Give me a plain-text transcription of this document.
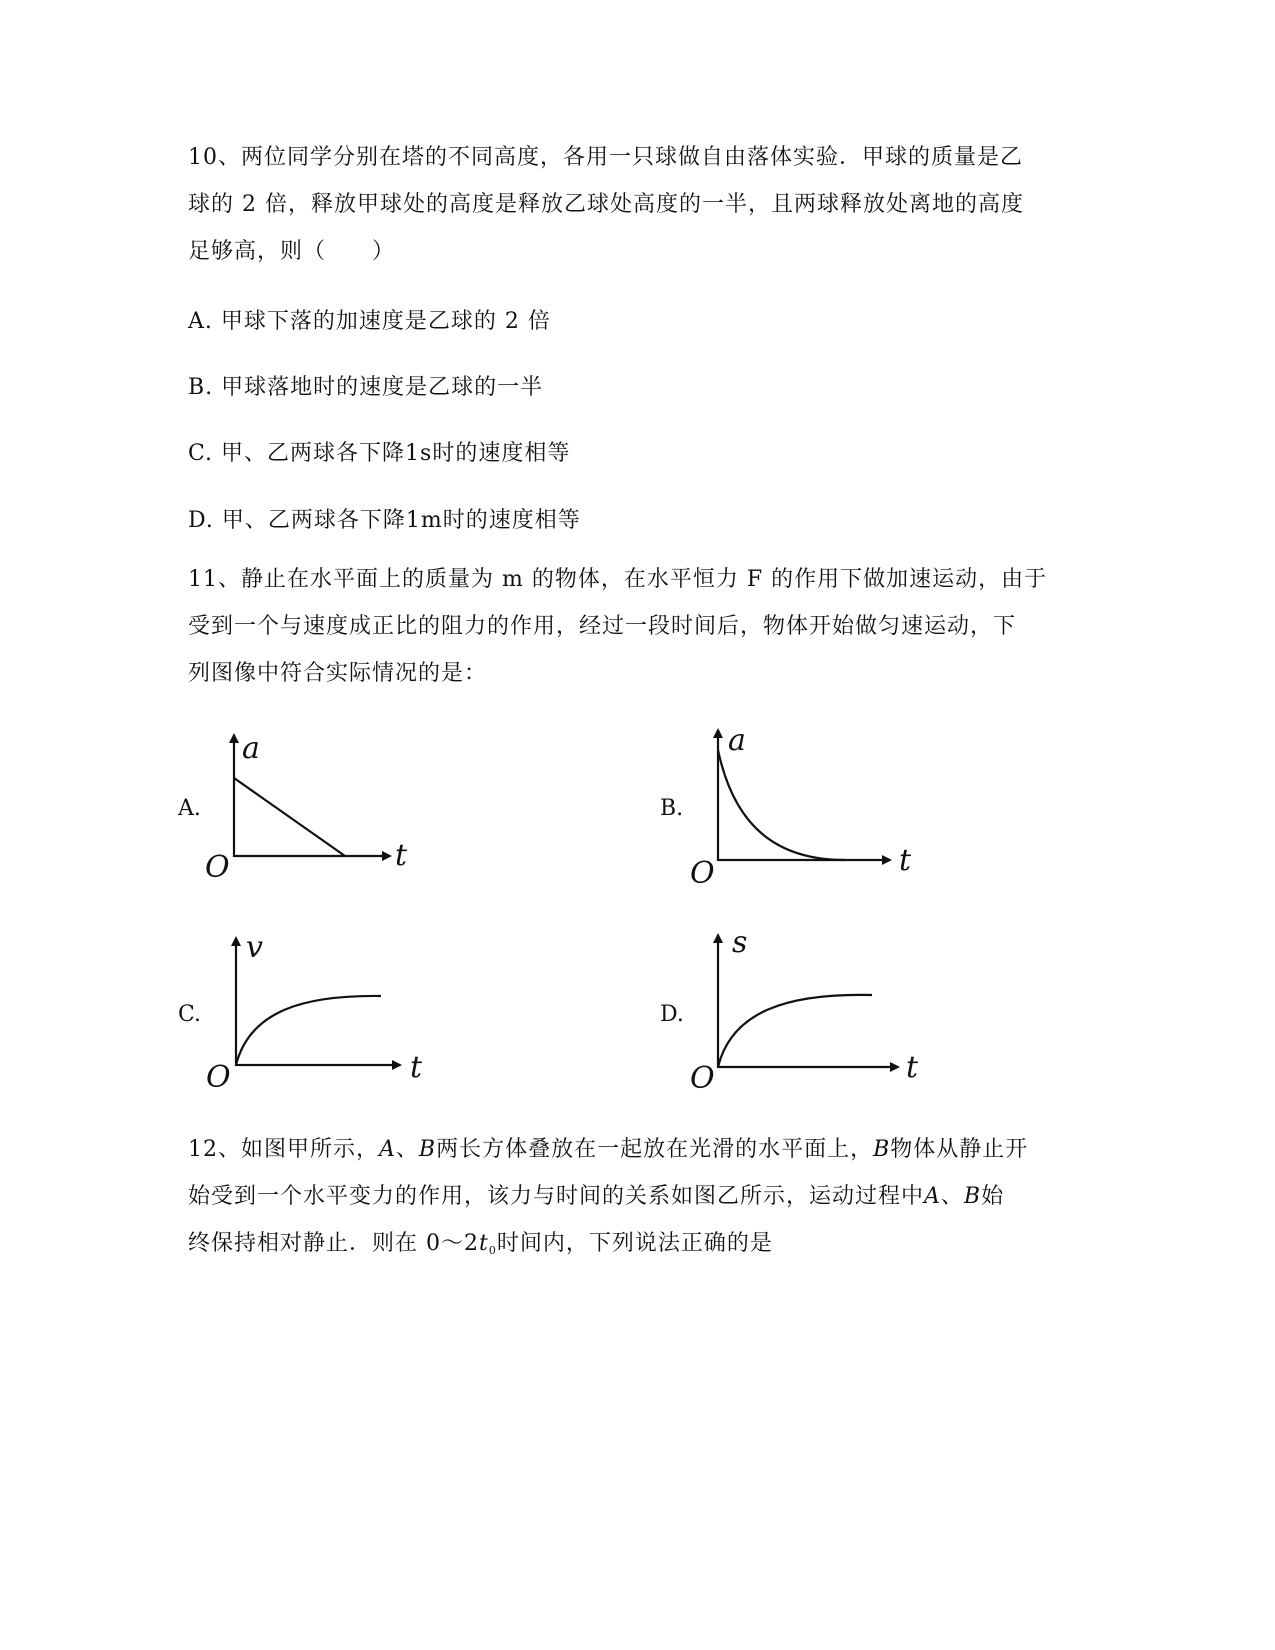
10、两位同学分别在塔的不同高度，各用一只球做自由落体实验．甲球的质量是乙
球的 2 倍，释放甲球处的高度是释放乙球处高度的一半，且两球释放处离地的高度
足够高，则（　　）
A. 甲球下落的加速度是乙球的 2 倍
B. 甲球落地时的速度是乙球的一半
C. 甲、乙两球各下降1s时的速度相等
D. 甲、乙两球各下降1m时的速度相等
11、静止在水平面上的质量为 m 的物体，在水平恒力 F 的作用下做加速运动，由于
受到一个与速度成正比的阻力的作用，经过一段时间后，物体开始做匀速运动，下
列图像中符合实际情况的是：
A.	B.
C.	D.
a
t
O
a
t
O
v
t
O
s
t
O
12、如图甲所示，A、B两长方体叠放在一起放在光滑的水平面上，B物体从静止开
始受到一个水平变力的作用，该力与时间的关系如图乙所示，运动过程中A、B始
终保持相对静止．则在 $0\sim 2t_0$时间内，下列说法正确的是
